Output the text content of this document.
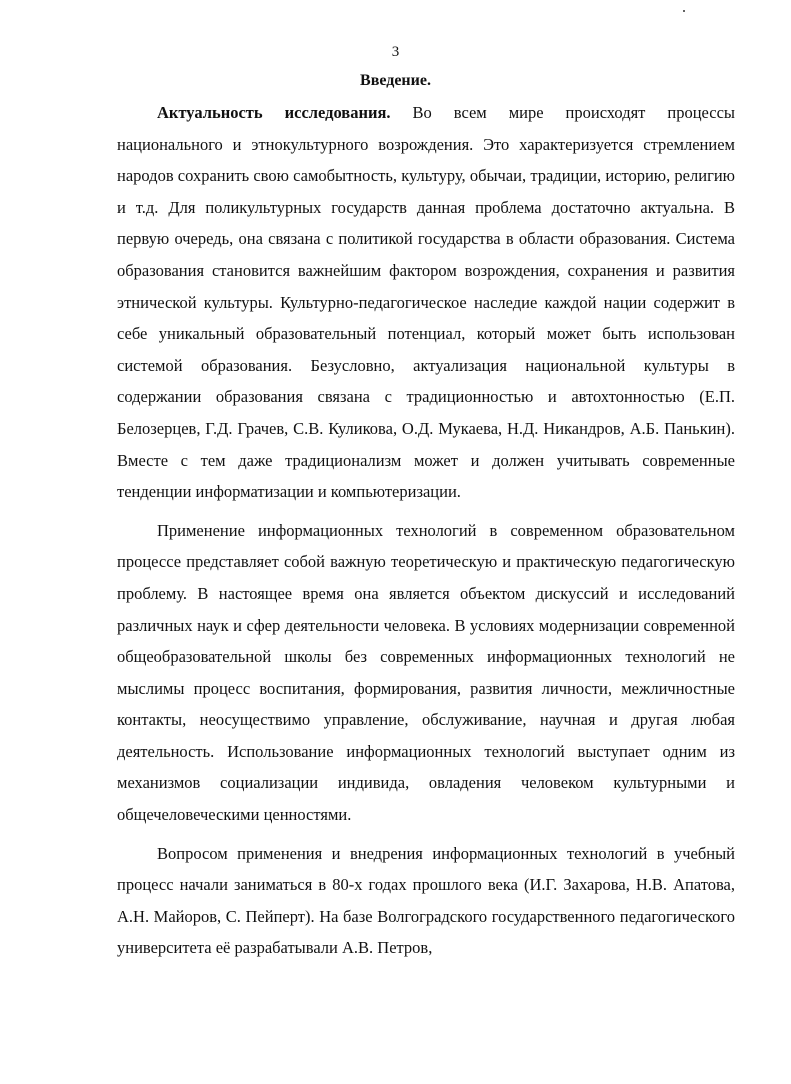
3
Введение.

Актуальность исследования. Во всем мире происходят процессы национального и этнокультурного возрождения. Это характеризуется стремлением народов сохранить свою самобытность, культуру, обычаи, традиции, историю, религию и т.д. Для поликультурных государств данная проблема достаточно актуальна. В первую очередь, она связана с политикой государства в области образования. Система образования становится важнейшим фактором возрождения, сохранения и развития этнической культуры. Культурно-педагогическое наследие каждой нации содержит в себе уникальный образовательный потенциал, который может быть использован системой образования. Безусловно, актуализация национальной культуры в содержании образования связана с традиционностью и автохтонностью (Е.П. Белозерцев, Г.Д. Грачев, С.В. Куликова, О.Д. Мукаева, Н.Д. Никандров, А.Б. Панькин). Вместе с тем даже традиционализм может и должен учитывать современные тенденции информатизации и компьютеризации.

Применение информационных технологий в современном образовательном процессе представляет собой важную теоретическую и практическую педагогическую проблему. В настоящее время она является объектом дискуссий и исследований различных наук и сфер деятельности человека. В условиях модернизации современной общеобразовательной школы без современных информационных технологий не мыслимы процесс воспитания, формирования, развития личности, межличностные контакты, неосуществимо управление, обслуживание, научная и другая любая деятельность. Использование информационных технологий выступает одним из механизмов социализации индивида, овладения человеком культурными и общечеловеческими ценностями.

Вопросом применения и внедрения информационных технологий в учебный процесс начали заниматься в 80-х годах прошлого века (И.Г. Захарова, Н.В. Апатова, А.Н. Майоров, С. Пейперт). На базе Волгоградского государственного педагогического университета её разрабатывали А.В. Петров,
